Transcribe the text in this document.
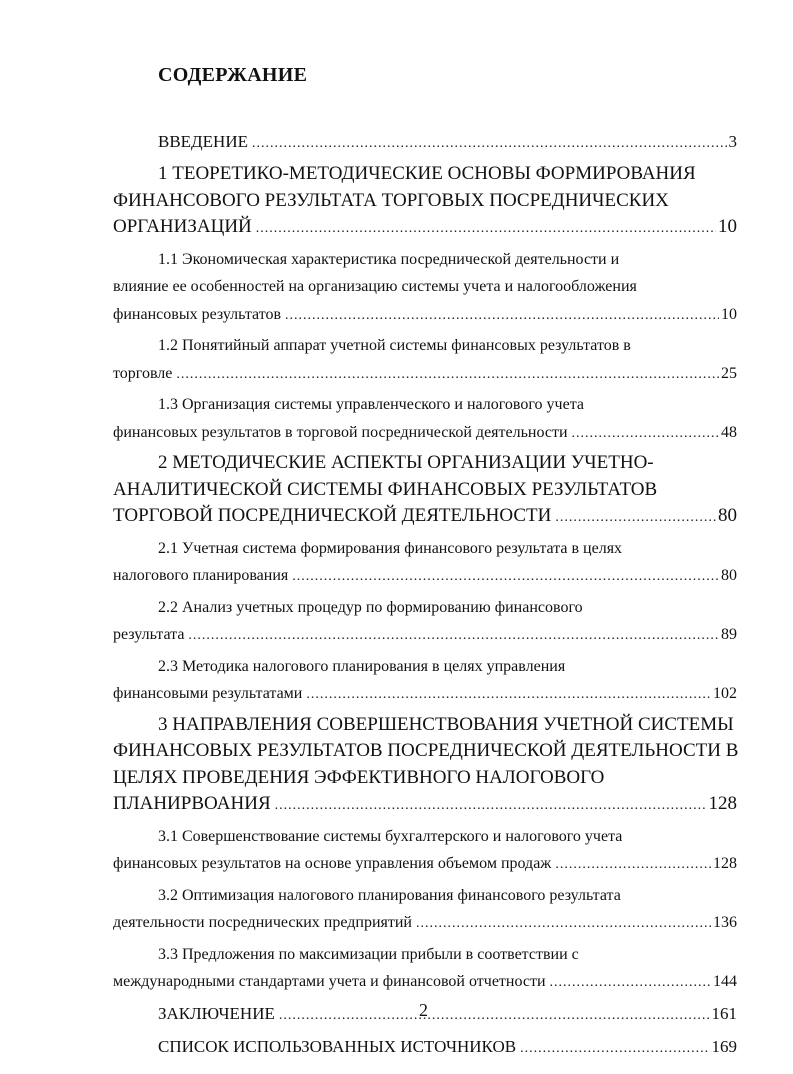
СОДЕРЖАНИЕ
ВВЕДЕНИЕ .....	3
1 ТЕОРЕТИКО-МЕТОДИЧЕСКИЕ ОСНОВЫ ФОРМИРОВАНИЯ
ФИНАНСОВОГО РЕЗУЛЬТАТА ТОРГОВЫХ ПОСРЕДНИЧЕСКИХ
ОРГАНИЗАЦИЙ .....	10
1.1 Экономическая характеристика посреднической деятельности и
влияние ее особенностей на организацию системы учета и налогообложения
финансовых результатов .....	10
1.2 Понятийный аппарат учетной системы финансовых результатов в
торговле .....	25
1.3 Организация системы управленческого и налогового учета
финансовых результатов в торговой посреднической деятельности .....	48
2 МЕТОДИЧЕСКИЕ АСПЕКТЫ ОРГАНИЗАЦИИ УЧЕТНО-
АНАЛИТИЧЕСКОЙ СИСТЕМЫ ФИНАНСОВЫХ РЕЗУЛЬТАТОВ
ТОРГОВОЙ ПОСРЕДНИЧЕСКОЙ ДЕЯТЕЛЬНОСТИ .....	80
2.1 Учетная система формирования финансового результата в целях
налогового планирования .....	80
2.2 Анализ учетных процедур по формированию финансового
результата .....	89
2.3 Методика налогового планирования в целях управления
финансовыми результатами .....	102
3 НАПРАВЛЕНИЯ СОВЕРШЕНСТВОВАНИЯ УЧЕТНОЙ СИСТЕМЫ
ФИНАНСОВЫХ РЕЗУЛЬТАТОВ ПОСРЕДНИЧЕСКОЙ ДЕЯТЕЛЬНОСТИ В
ЦЕЛЯХ ПРОВЕДЕНИЯ ЭФФЕКТИВНОГО НАЛОГОВОГО
ПЛАНИРВОАНИЯ .....	128
3.1 Совершенствование системы бухгалтерского и налогового учета
финансовых результатов на основе управления объемом продаж .....	128
3.2 Оптимизация налогового планирования финансового результата
деятельности посреднических предприятий .....	136
3.3 Предложения по максимизации прибыли в соответствии с
международными стандартами учета и финансовой отчетности .....	144
ЗАКЛЮЧЕНИЕ .....	161
СПИСОК ИСПОЛЬЗОВАННЫХ ИСТОЧНИКОВ .....	169
2
